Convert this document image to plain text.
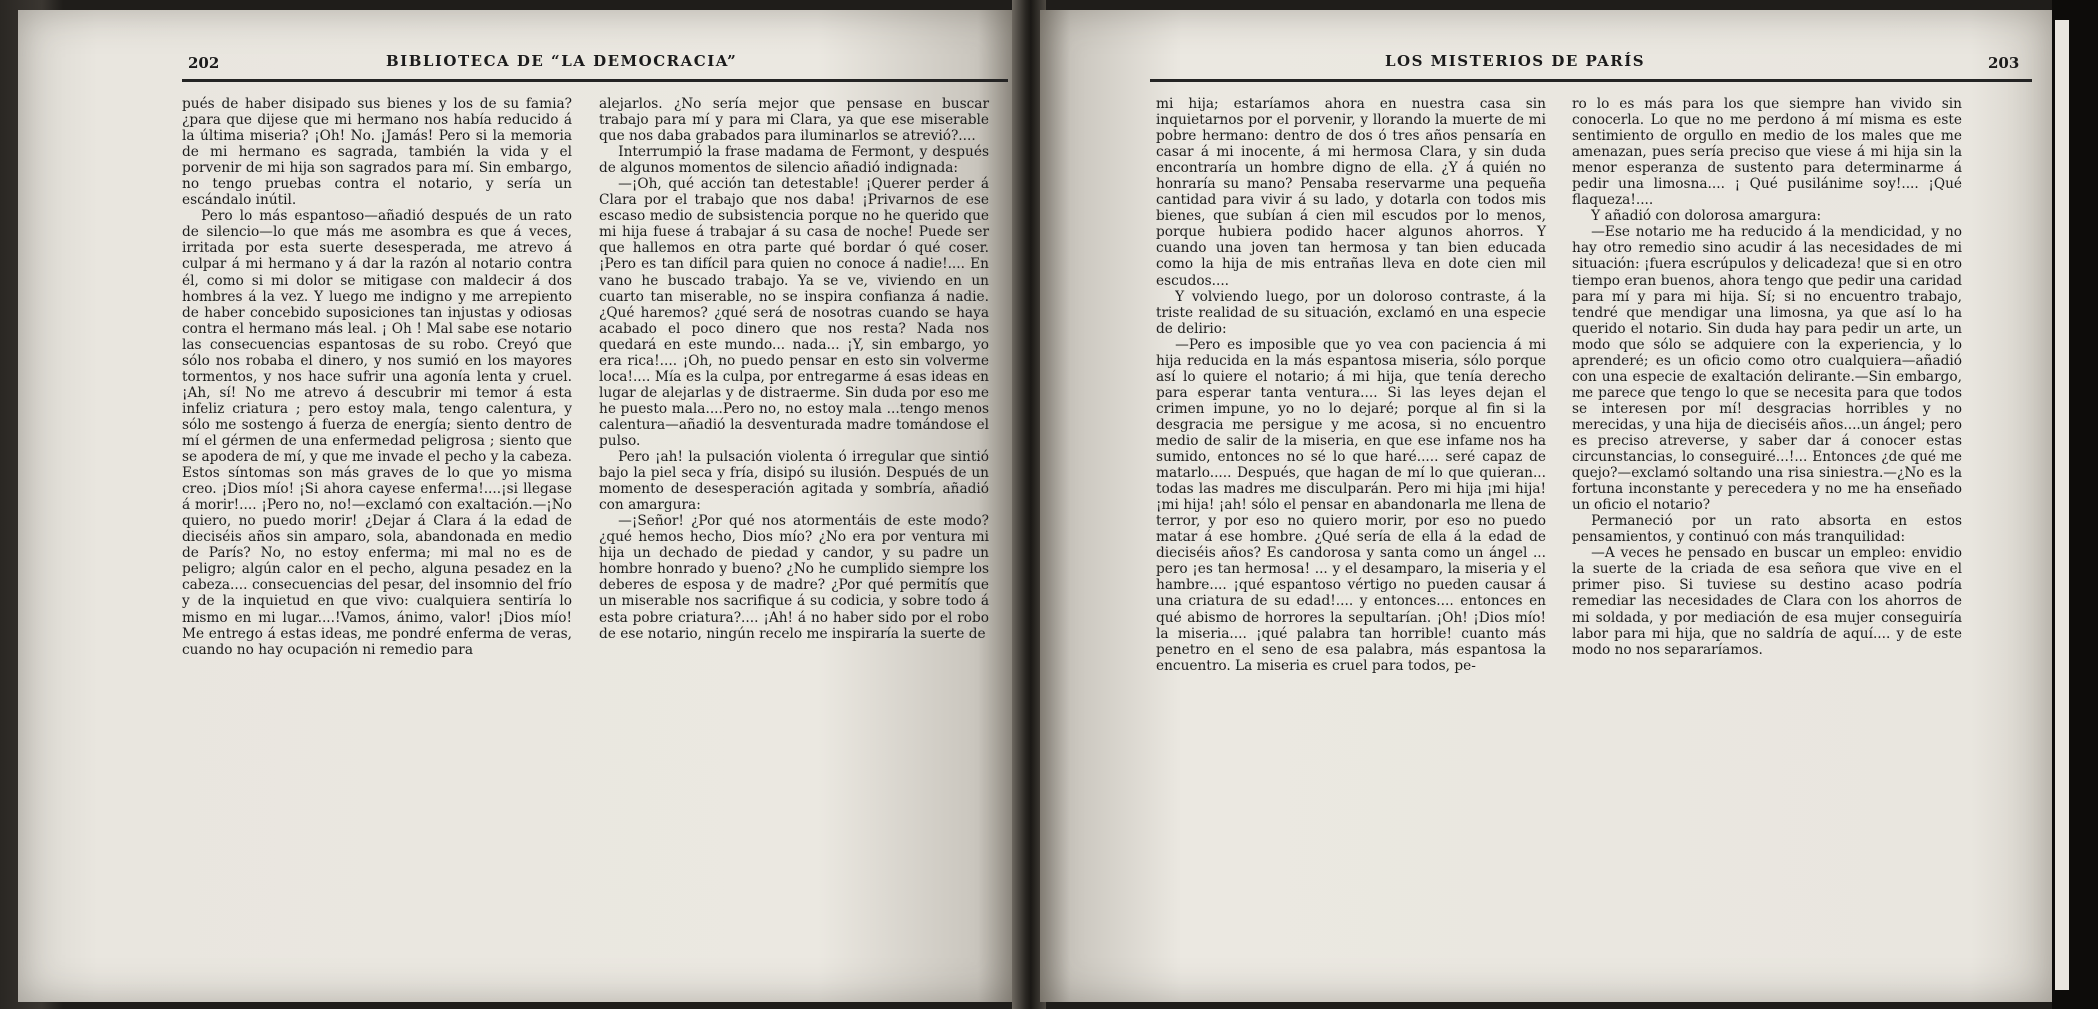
202	BIBLIOTECA DE “LA DEMOCRACIA”

pués de haber disipado sus bienes y los de su famia? ¿para que dijese que mi hermano nos había reducido á la última miseria? ¡Oh! No. ¡Jamás! Pero si la memoria de mi hermano es sagrada, también la vida y el porvenir de mi hija son sagrados para mí. Sin embargo, no tengo pruebas contra el notario, y sería un escándalo inútil.

Pero lo más espantoso—añadió después de un rato de silencio—lo que más me asombra es que á veces, irritada por esta suerte desesperada, me atrevo á culpar á mi hermano y á dar la razón al notario contra él, como si mi dolor se mitigase con maldecir á dos hombres á la vez. Y luego me indigno y me arrepiento de haber concebido suposiciones tan injustas y odiosas contra el hermano más leal. ¡ Oh ! Mal sabe ese notario las consecuencias espantosas de su robo. Creyó que sólo nos robaba el dinero, y nos sumió en los mayores tormentos, y nos hace sufrir una agonía lenta y cruel. ¡Ah, sí! No me atrevo á descubrir mi temor á esta infeliz criatura ; pero estoy mala, tengo calentura, y sólo me sostengo á fuerza de energía; siento dentro de mí el gérmen de una enfermedad peligrosa ; siento que se apodera de mí, y que me invade el pecho y la cabeza. Estos síntomas son más graves de lo que yo misma creo. ¡Dios mío! ¡Si ahora cayese enferma!....¡si llegase á morir!.... ¡Pero no, no!—exclamó con exaltación.—¡No quiero, no puedo morir! ¿Dejar á Clara á la edad de dieciséis años sin amparo, sola, abandonada en medio de París? No, no estoy enferma; mi mal no es de peligro; algún calor en el pecho, alguna pesadez en la cabeza.... consecuencias del pesar, del insomnio del frío y de la inquietud en que vivo: cualquiera sentiría lo mismo en mi lugar....!Vamos, ánimo, valor! ¡Dios mío! Me entrego á estas ideas, me pondré enferma de veras, cuando no hay ocupación ni remedio para

alejarlos. ¿No sería mejor que pensase en buscar trabajo para mí y para mi Clara, ya que ese miserable que nos daba grabados para iluminarlos se atrevió?....

Interrumpió la frase madama de Fermont, y después de algunos momentos de silencio añadió indignada:

—¡Oh, qué acción tan detestable! ¡Querer perder á Clara por el trabajo que nos daba! ¡Privarnos de ese escaso medio de subsistencia porque no he querido que mi hija fuese á trabajar á su casa de noche! Puede ser que hallemos en otra parte qué bordar ó qué coser. ¡Pero es tan difícil para quien no conoce á nadie!.... En vano he buscado trabajo. Ya se ve, viviendo en un cuarto tan miserable, no se inspira confianza á nadie. ¿Qué haremos? ¿qué será de nosotras cuando se haya acabado el poco dinero que nos resta? Nada nos quedará en este mundo... nada... ¡Y, sin embargo, yo era rica!.... ¡Oh, no puedo pensar en esto sin volverme loca!.... Mía es la culpa, por entregarme á esas ideas en lugar de alejarlas y de distraerme. Sin duda por eso me he puesto mala....Pero no, no estoy mala ...tengo menos calentura—añadió la desventurada madre tomándose el pulso.

Pero ¡ah! la pulsación violenta ó irregular que sintió bajo la piel seca y fría, disipó su ilusión. Después de un momento de desesperación agitada y sombría, añadió con amargura:

—¡Señor! ¿Por qué nos atormentáis de este modo? ¿qué hemos hecho, Dios mío? ¿No era por ventura mi hija un dechado de piedad y candor, y su padre un hombre honrado y bueno? ¿No he cumplido siempre los deberes de esposa y de madre? ¿Por qué permitís que un miserable nos sacrifique á su codicia, y sobre todo á esta pobre criatura?.... ¡Ah! á no haber sido por el robo de ese notario, ningún recelo me inspiraría la suerte de

LOS MISTERIOS DE PARÍS	203

mi hija; estaríamos ahora en nuestra casa sin inquietarnos por el porvenir, y llorando la muerte de mi pobre hermano: dentro de dos ó tres años pensaría en casar á mi inocente, á mi hermosa Clara, y sin duda encontraría un hombre digno de ella. ¿Y á quién no honraría su mano? Pensaba reservarme una pequeña cantidad para vivir á su lado, y dotarla con todos mis bienes, que subían á cien mil escudos por lo menos, porque hubiera podido hacer algunos ahorros. Y cuando una joven tan hermosa y tan bien educada como la hija de mis entrañas lleva en dote cien mil escudos....

Y volviendo luego, por un doloroso contraste, á la triste realidad de su situación, exclamó en una especie de delirio:

—Pero es imposible que yo vea con paciencia á mi hija reducida en la más espantosa miseria, sólo porque así lo quiere el notario; á mi hija, que tenía derecho para esperar tanta ventura.... Si las leyes dejan el crimen impune, yo no lo dejaré; porque al fin si la desgracia me persigue y me acosa, si no encuentro medio de salir de la miseria, en que ese infame nos ha sumido, entonces no sé lo que haré..... seré capaz de matarlo..... Después, que hagan de mí lo que quieran... todas las madres me disculparán. Pero mi hija ¡mi hija! ¡mi hija! ¡ah! sólo el pensar en abandonarla me llena de terror, y por eso no quiero morir, por eso no puedo matar á ese hombre. ¿Qué sería de ella á la edad de dieciséis años? Es candorosa y santa como un ángel ... pero ¡es tan hermosa! ... y el desamparo, la miseria y el hambre.... ¡qué espantoso vértigo no pueden causar á una criatura de su edad!.... y entonces.... entonces en qué abismo de horrores la sepultarían. ¡Oh! ¡Dios mío! la miseria.... ¡qué palabra tan horrible! cuanto más penetro en el seno de esa palabra, más espantosa la encuentro. La miseria es cruel para todos, pe-

ro lo es más para los que siempre han vivido sin conocerla. Lo que no me perdono á mí misma es este sentimiento de orgullo en medio de los males que me amenazan, pues sería preciso que viese á mi hija sin la menor esperanza de sustento para determinarme á pedir una limosna.... ¡ Qué pusilánime soy!.... ¡Qué flaqueza!....

Y añadió con dolorosa amargura:

—Ese notario me ha reducido á la mendicidad, y no hay otro remedio sino acudir á las necesidades de mi situación: ¡fuera escrúpulos y delicadeza! que si en otro tiempo eran buenos, ahora tengo que pedir una caridad para mí y para mi hija. Sí; si no encuentro trabajo, tendré que mendigar una limosna, ya que así lo ha querido el notario. Sin duda hay para pedir un arte, un modo que sólo se adquiere con la experiencia, y lo aprenderé; es un oficio como otro cualquiera—añadió con una especie de exaltación delirante.—Sin embargo, me parece que tengo lo que se necesita para que todos se interesen por mí! desgracias horribles y no merecidas, y una hija de dieciséis años....un ángel; pero es preciso atreverse, y saber dar á conocer estas circunstancias, lo conseguiré...!... Entonces ¿de qué me quejo?—exclamó soltando una risa siniestra.—¿No es la fortuna inconstante y perecedera y no me ha enseñado un oficio el notario?

Permaneció por un rato absorta en estos pensamientos, y continuó con más tranquilidad:

—A veces he pensado en buscar un empleo: envidio la suerte de la criada de esa señora que vive en el primer piso. Si tuviese su destino acaso podría remediar las necesidades de Clara con los ahorros de mi soldada, y por mediación de esa mujer conseguiría labor para mi hija, que no saldría de aquí.... y de este modo no nos separaríamos.
